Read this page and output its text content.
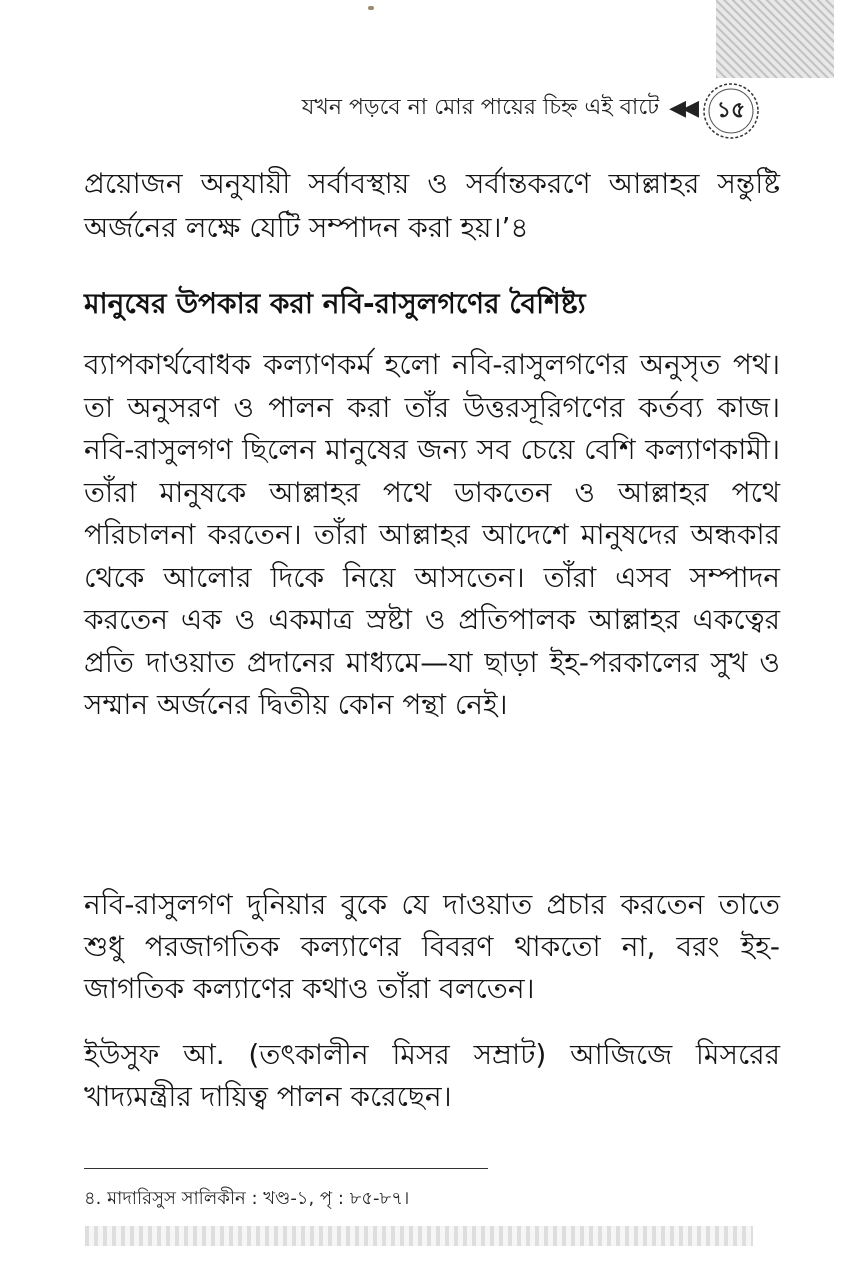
যখন পড়বে না মোর পায়ের চিহ্ন এই বাটে ◀◀ ১৫

প্রয়োজন অনুযায়ী সর্বাবস্থায় ও সর্বান্তকরণে আল্লাহর সন্তুষ্টি অর্জনের লক্ষে যেটি সম্পাদন করা হয়।’৪

মানুষের উপকার করা নবি-রাসুলগণের বৈশিষ্ট্য

ব্যাপকার্থবোধক কল্যাণকর্ম হলো নবি-রাসুলগণের অনুসৃত পথ। তা অনুসরণ ও পালন করা তাঁর উত্তরসূরিগণের কর্তব্য কাজ। নবি-রাসুলগণ ছিলেন মানুষের জন্য সব চেয়ে বেশি কল্যাণকামী। তাঁরা মানুষকে আল্লাহর পথে ডাকতেন ও আল্লাহর পথে পরিচালনা করতেন। তাঁরা আল্লাহর আদেশে মানুষদের অন্ধকার থেকে আলোর দিকে নিয়ে আসতেন। তাঁরা এসব সম্পাদন করতেন এক ও একমাত্র স্রষ্টা ও প্রতিপালক আল্লাহর একত্বের প্রতি দাওয়াত প্রদানের মাধ্যমে—যা ছাড়া ইহ-পরকালের সুখ ও সম্মান অর্জনের দ্বিতীয় কোন পন্থা নেই।

নবি-রাসুলগণ দুনিয়ার বুকে যে দাওয়াত প্রচার করতেন তাতে শুধু পরজাগতিক কল্যাণের বিবরণ থাকতো না, বরং ইহ-জাগতিক কল্যাণের কথাও তাঁরা বলতেন।

ইউসুফ আ. (তৎকালীন মিসর সম্রাট) আজিজে মিসরের খাদ্যমন্ত্রীর দায়িত্ব পালন করেছেন।

৪. মাদারিসুস সালিকীন : খণ্ড-১, পৃ : ৮৫-৮৭।
